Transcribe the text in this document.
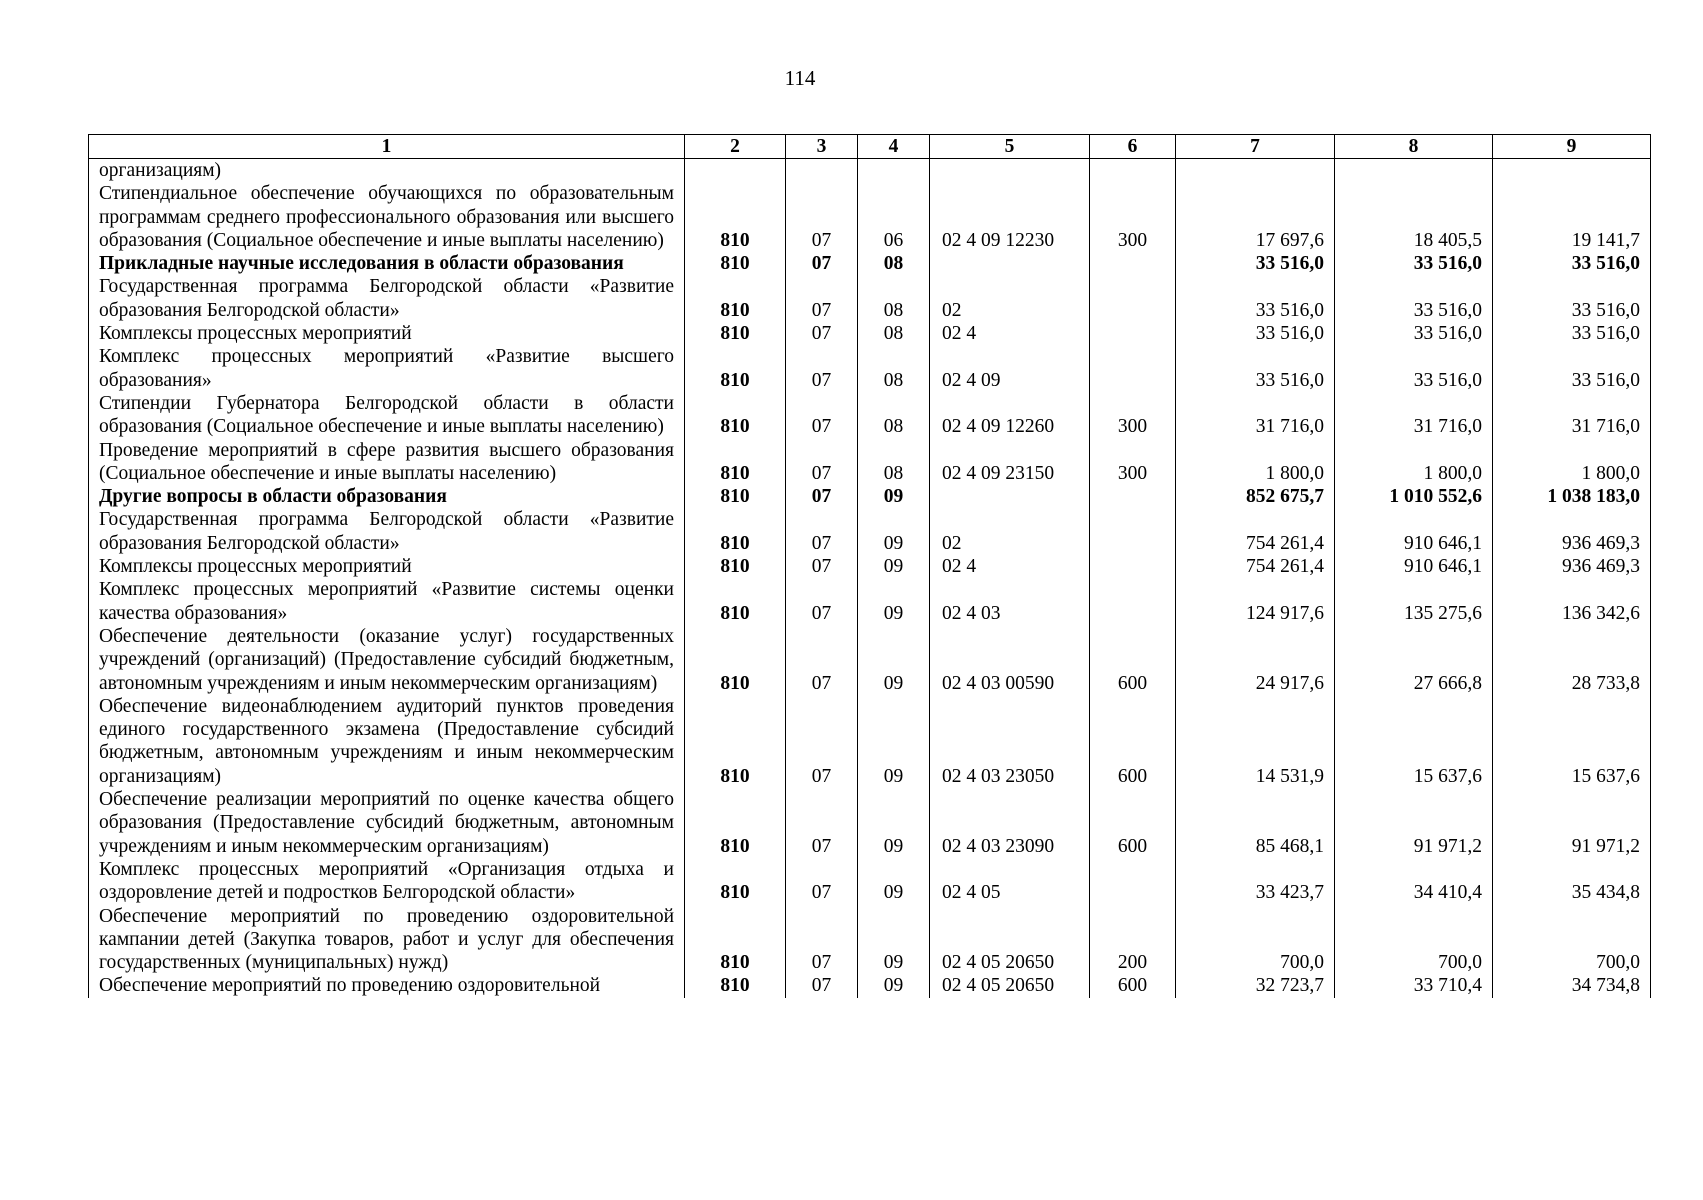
114
1	2	3	4	5	6	7	8	9
организациям)								
Стипендиальное обеспечение обучающихся по образовательным программам среднего профессионального образования или высшего образования (Социальное обеспечение и иные выплаты населению)	810	07	06	02 4 09 12230	300	17 697,6	18 405,5	19 141,7
Прикладные научные исследования в области образования	810	07	08			33 516,0	33 516,0	33 516,0
Государственная программа Белгородской области «Развитие образования Белгородской области»	810	07	08	02		33 516,0	33 516,0	33 516,0
Комплексы процессных мероприятий	810	07	08	02 4		33 516,0	33 516,0	33 516,0
Комплекс процессных мероприятий «Развитие высшего образования»	810	07	08	02 4 09		33 516,0	33 516,0	33 516,0
Стипендии Губернатора Белгородской области в области образования (Социальное обеспечение и иные выплаты населению)	810	07	08	02 4 09 12260	300	31 716,0	31 716,0	31 716,0
Проведение мероприятий в сфере развития высшего образования (Социальное обеспечение и иные выплаты населению)	810	07	08	02 4 09 23150	300	1 800,0	1 800,0	1 800,0
Другие вопросы в области образования	810	07	09			852 675,7	1 010 552,6	1 038 183,0
Государственная программа Белгородской области «Развитие образования Белгородской области»	810	07	09	02		754 261,4	910 646,1	936 469,3
Комплексы процессных мероприятий	810	07	09	02 4		754 261,4	910 646,1	936 469,3
Комплекс процессных мероприятий «Развитие системы оценки качества образования»	810	07	09	02 4 03		124 917,6	135 275,6	136 342,6
Обеспечение деятельности (оказание услуг) государственных учреждений (организаций) (Предоставление субсидий бюджетным, автономным учреждениям и иным некоммерческим организациям)	810	07	09	02 4 03 00590	600	24 917,6	27 666,8	28 733,8
Обеспечение видеонаблюдением аудиторий пунктов проведения единого государственного экзамена (Предоставление субсидий бюджетным, автономным учреждениям и иным некоммерческим организациям)	810	07	09	02 4 03 23050	600	14 531,9	15 637,6	15 637,6
Обеспечение реализации мероприятий по оценке качества общего образования (Предоставление субсидий бюджетным, автономным учреждениям и иным некоммерческим организациям)	810	07	09	02 4 03 23090	600	85 468,1	91 971,2	91 971,2
Комплекс процессных мероприятий «Организация отдыха и оздоровление детей и подростков Белгородской области»	810	07	09	02 4 05		33 423,7	34 410,4	35 434,8
Обеспечение мероприятий по проведению оздоровительной кампании детей (Закупка товаров, работ и услуг для обеспечения государственных (муниципальных) нужд)	810	07	09	02 4 05 20650	200	700,0	700,0	700,0
Обеспечение мероприятий по проведению оздоровительной	810	07	09	02 4 05 20650	600	32 723,7	33 710,4	34 734,8
